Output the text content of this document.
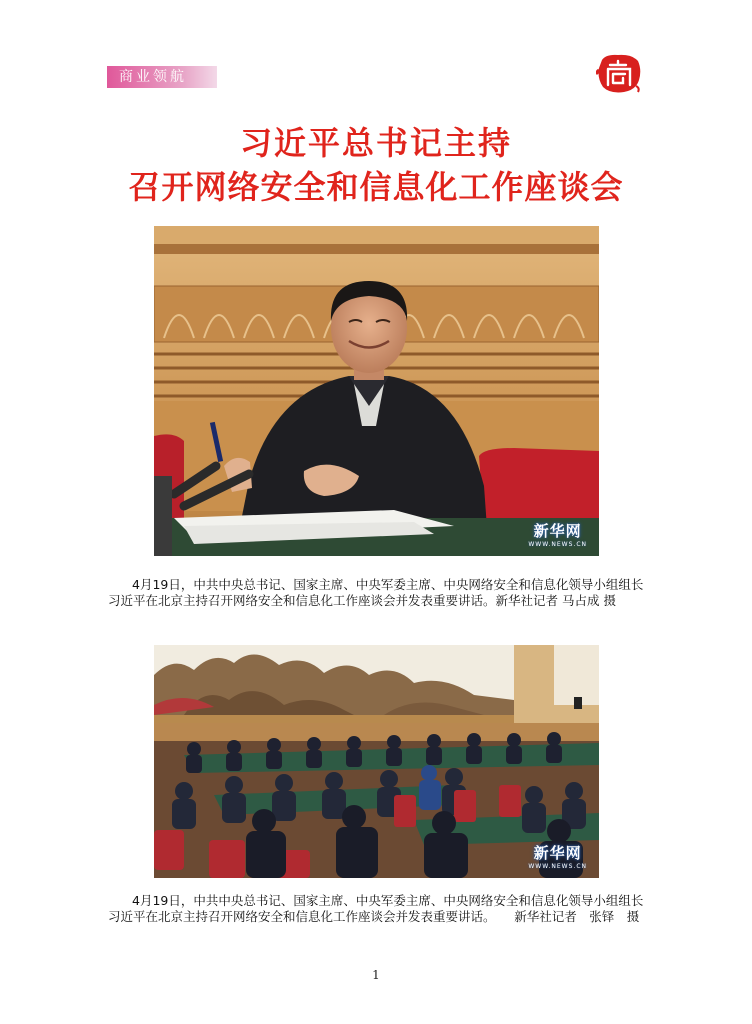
商业领航
习近平总书记主持
召开网络安全和信息化工作座谈会
新华网
WWW.NEWS.CN

4月19日，中共中央总书记、国家主席、中央军委主席、中央网络安全和信息化领导小组组长习近平在北京主持召开网络安全和信息化工作座谈会并发表重要讲话。新华社记者 马占成 摄

新华网
WWW.NEWS.CN

4月19日，中共中央总书记、国家主席、中央军委主席、中央网络安全和信息化领导小组组长习近平在北京主持召开网络安全和信息化工作座谈会并发表重要讲话。　　新华社记者　张铎　摄

1
